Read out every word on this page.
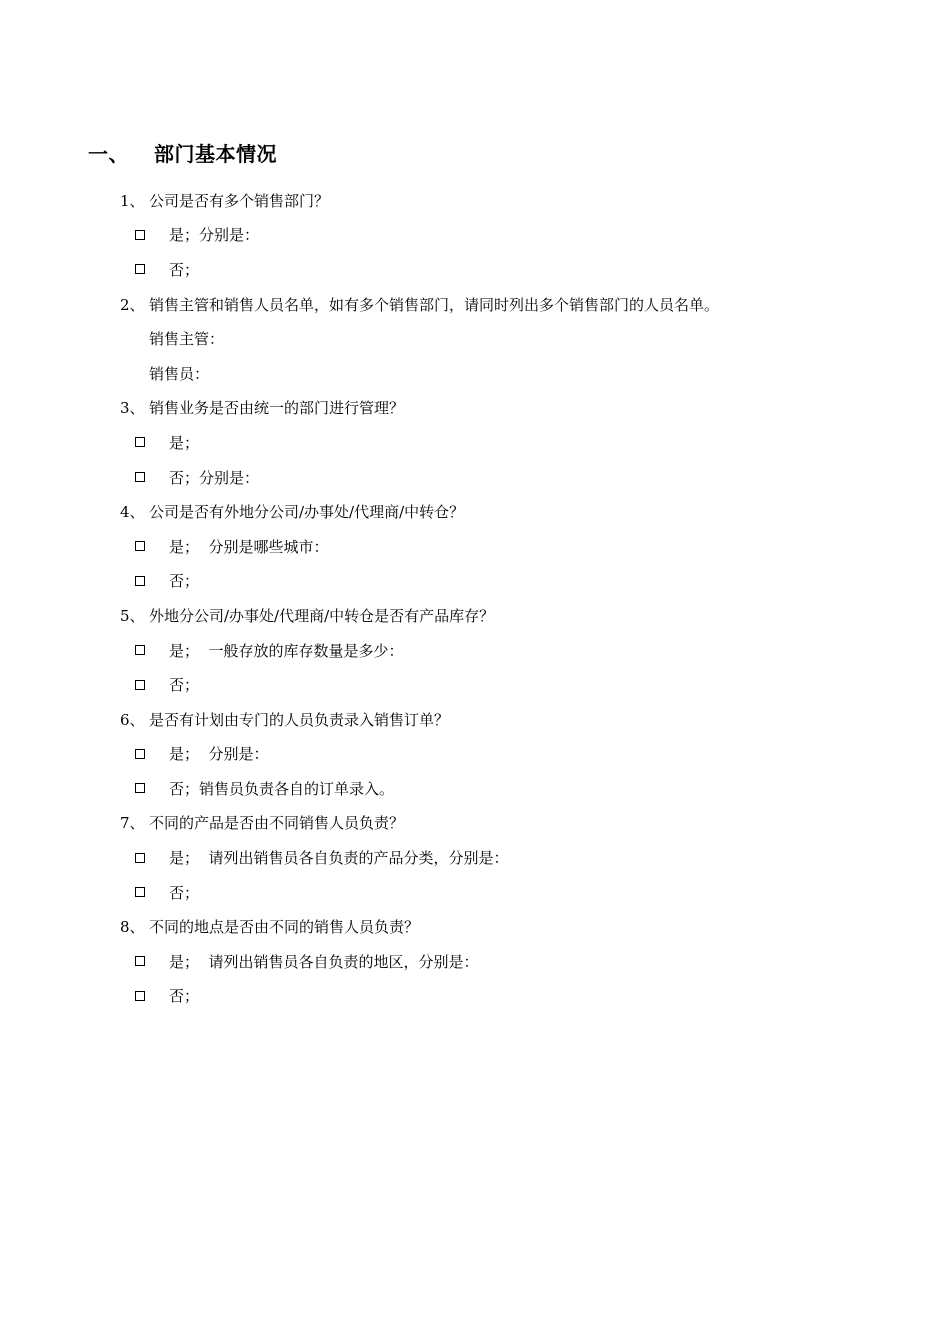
一、	部门基本情况
1、 公司是否有多个销售部门？
是；分别是：
否；
2、 销售主管和销售人员名单，如有多个销售部门，请同时列出多个销售部门的人员名单。
销售主管：
销售员：
3、 销售业务是否由统一的部门进行管理？
是；
否；分别是：
4、 公司是否有外地分公司/办事处/代理商/中转仓？
是；  分别是哪些城市：
否；
5、 外地分公司/办事处/代理商/中转仓是否有产品库存？
是；  一般存放的库存数量是多少：
否；
6、 是否有计划由专门的人员负责录入销售订单？
是；  分别是：
否；销售员负责各自的订单录入。
7、 不同的产品是否由不同销售人员负责？
是；  请列出销售员各自负责的产品分类，分别是：
否；
8、 不同的地点是否由不同的销售人员负责？
是；  请列出销售员各自负责的地区，分别是：
否；
